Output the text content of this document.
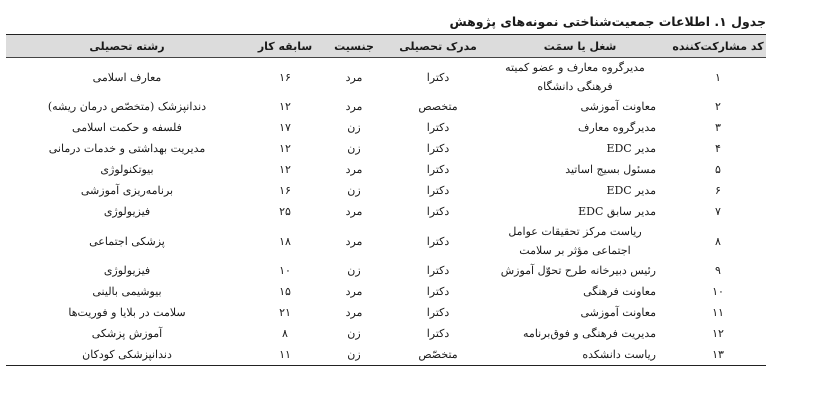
جدول ۱. اطلاعات جمعیت‌شناختی نمونه‌های پژوهش
کد مشارکت‌کننده	شغل یا سمَت	مدرک تحصیلی	جنسیت	سابقه کار	رشته تحصیلی
۱	مدیرگروه معارف و عضو کمیته فرهنگی دانشگاه	دکترا	مرد	۱۶	معارف اسلامی
۲	معاونت آموزشی	متخصص	مرد	۱۲	دندانپزشک (متخصّص درمان ریشه)
۳	مدیرگروه معارف	دکترا	زن	۱۷	فلسفه و حکمت اسلامی
۴	مدیر EDC	دکترا	زن	۱۲	مدیریت بهداشتی و خدمات درمانی
۵	مسئول بسیج اساتید	دکترا	مرد	۱۲	بیوتکنولوژی
۶	مدیر EDC	دکترا	زن	۱۶	برنامه‌ریزی آموزشی
۷	مدیر سابق EDC	دکترا	مرد	۲۵	فیزیولوژی
۸	ریاست مرکز تحقیقات عوامل اجتماعی مؤثر بر سلامت	دکترا	مرد	۱۸	پزشکی اجتماعی
۹	رئیس دبیرخانه طرح تحوّل آموزش	دکترا	زن	۱۰	فیزیولوژی
۱۰	معاونت فرهنگی	دکترا	مرد	۱۵	بیوشیمی بالینی
۱۱	معاونت آموزشی	دکترا	مرد	۲۱	سلامت در بلایا و فوریت‌ها
۱۲	مدیریت فرهنگی و فوق‌برنامه	دکترا	زن	۸	آموزش پزشکی
۱۳	ریاست دانشکده	متخصّص	زن	۱۱	دندانپزشکی کودکان
